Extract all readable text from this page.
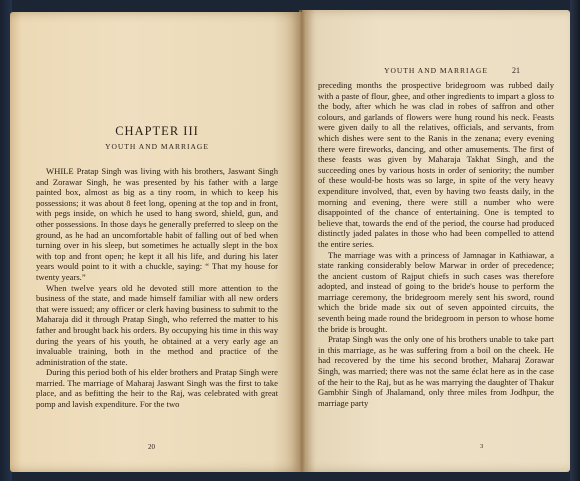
CHAPTER III
YOUTH AND MARRIAGE

WHILE Pratap Singh was living with his brothers, Jaswant Singh and Zorawar Singh, he was presented by his father with a large painted box, almost as big as a tiny room, in which to keep his possessions; it was about 8 feet long, opening at the top and in front, with pegs inside, on which he used to hang sword, shield, gun, and other possessions. In those days he generally preferred to sleep on the ground, as he had an uncomfortable habit of falling out of bed when turning over in his sleep, but sometimes he actually slept in the box with top and front open; he kept it all his life, and during his later years would point to it with a chuckle, saying: “ That my house for twenty years.”

When twelve years old he devoted still more attention to the business of the state, and made himself familiar with all new orders that were issued; any officer or clerk having business to submit to the Maharaja did it through Pratap Singh, who referred the matter to his father and brought back his orders. By occupying his time in this way during the years of his youth, he obtained at a very early age an invaluable training, both in the method and practice of the administration of the state.

During this period both of his elder brothers and Pratap Singh were married. The marriage of Maharaj Jaswant Singh was the first to take place, and as befitting the heir to the Raj, was celebrated with great pomp and lavish expenditure. For the two

20
YOUTH AND MARRIAGE	21

preceding months the prospective bridegroom was rubbed daily with a paste of flour, ghee, and other ingredients to impart a gloss to the body, after which he was clad in robes of saffron and other colours, and garlands of flowers were hung round his neck. Feasts were given daily to all the relatives, officials, and servants, from which dishes were sent to the Ranis in the zenana; every evening there were fireworks, dancing, and other amusements. The first of these feasts was given by Maharaja Takhat Singh, and the succeeding ones by various hosts in order of seniority; the number of these would-be hosts was so large, in spite of the very heavy expenditure involved, that, even by having two feasts daily, in the morning and evening, there were still a number who were disappointed of the chance of entertaining. One is tempted to believe that, towards the end of the period, the course had produced distinctly jaded palates in those who had been compelled to attend the entire series.

The marriage was with a princess of Jamnagar in Kathiawar, a state ranking considerably below Marwar in order of precedence; the ancient custom of Rajput chiefs in such cases was therefore adopted, and instead of going to the bride's house to perform the marriage ceremony, the bridegroom merely sent his sword, round which the bride made six out of seven appointed circuits, the seventh being made round the bridegroom in person to whose home the bride is brought.

Pratap Singh was the only one of his brothers unable to take part in this marriage, as he was suffering from a boil on the cheek. He had recovered by the time his second brother, Maharaj Zorawar Singh, was married; there was not the same éclat here as in the case of the heir to the Raj, but as he was marrying the daughter of Thakur Gambhir Singh of Jhalamand, only three miles from Jodhpur, the marriage party

3
